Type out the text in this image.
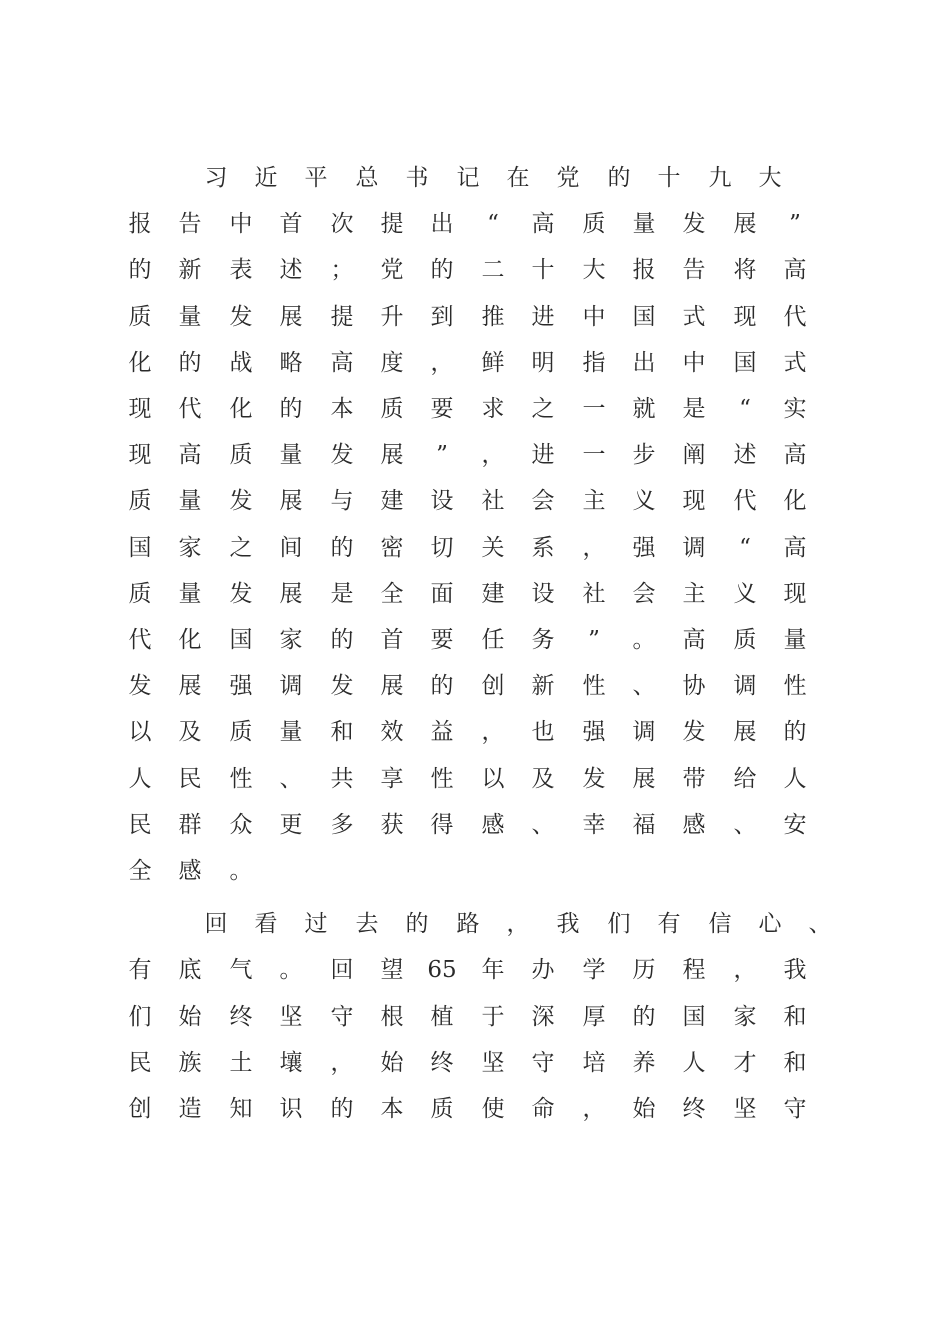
习 近 平 总 书 记 在 党 的 十 九 大
报 告 中 首 次 提 出	“	高 质 量 发 展	”
的 新 表 述 ； 党 的 二 十 大 报 告 将 高
质 量 发 展 提 升 到 推 进 中 国 式 现 代
化 的 战 略 高 度 ， 鲜 明 指 出 中 国 式
现 代 化 的 本 质 要 求 之 一 就 是	“	实
现 高 质 量 发 展	”	， 进 一 步 阐 述 高
质 量 发 展 与 建 设 社 会 主 义 现 代 化
国 家 之 间 的 密 切 关 系 ， 强 调	“	高
质 量 发 展 是 全 面 建 设 社 会 主 义 现
代 化 国 家 的 首 要 任 务	”	。 高 质 量
发 展 强 调 发 展 的 创 新 性 、 协 调 性
以 及 质 量 和 效 益 ， 也 强 调 发 展 的
人 民 性 、 共 享 性 以 及 发 展 带 给 人
民 群 众 更 多 获 得 感 、 幸 福 感 、 安
全 感 。
回 看 过 去 的 路 ， 我 们 有 信 心 、
有 底 气 。 回 望 65 年 办 学 历 程 ， 我
们 始 终 坚 守 根 植 于 深 厚 的 国 家 和
民 族 土 壤 ， 始 终 坚 守 培 养 人 才 和
创 造 知 识 的 本 质 使 命 ， 始 终 坚 守
